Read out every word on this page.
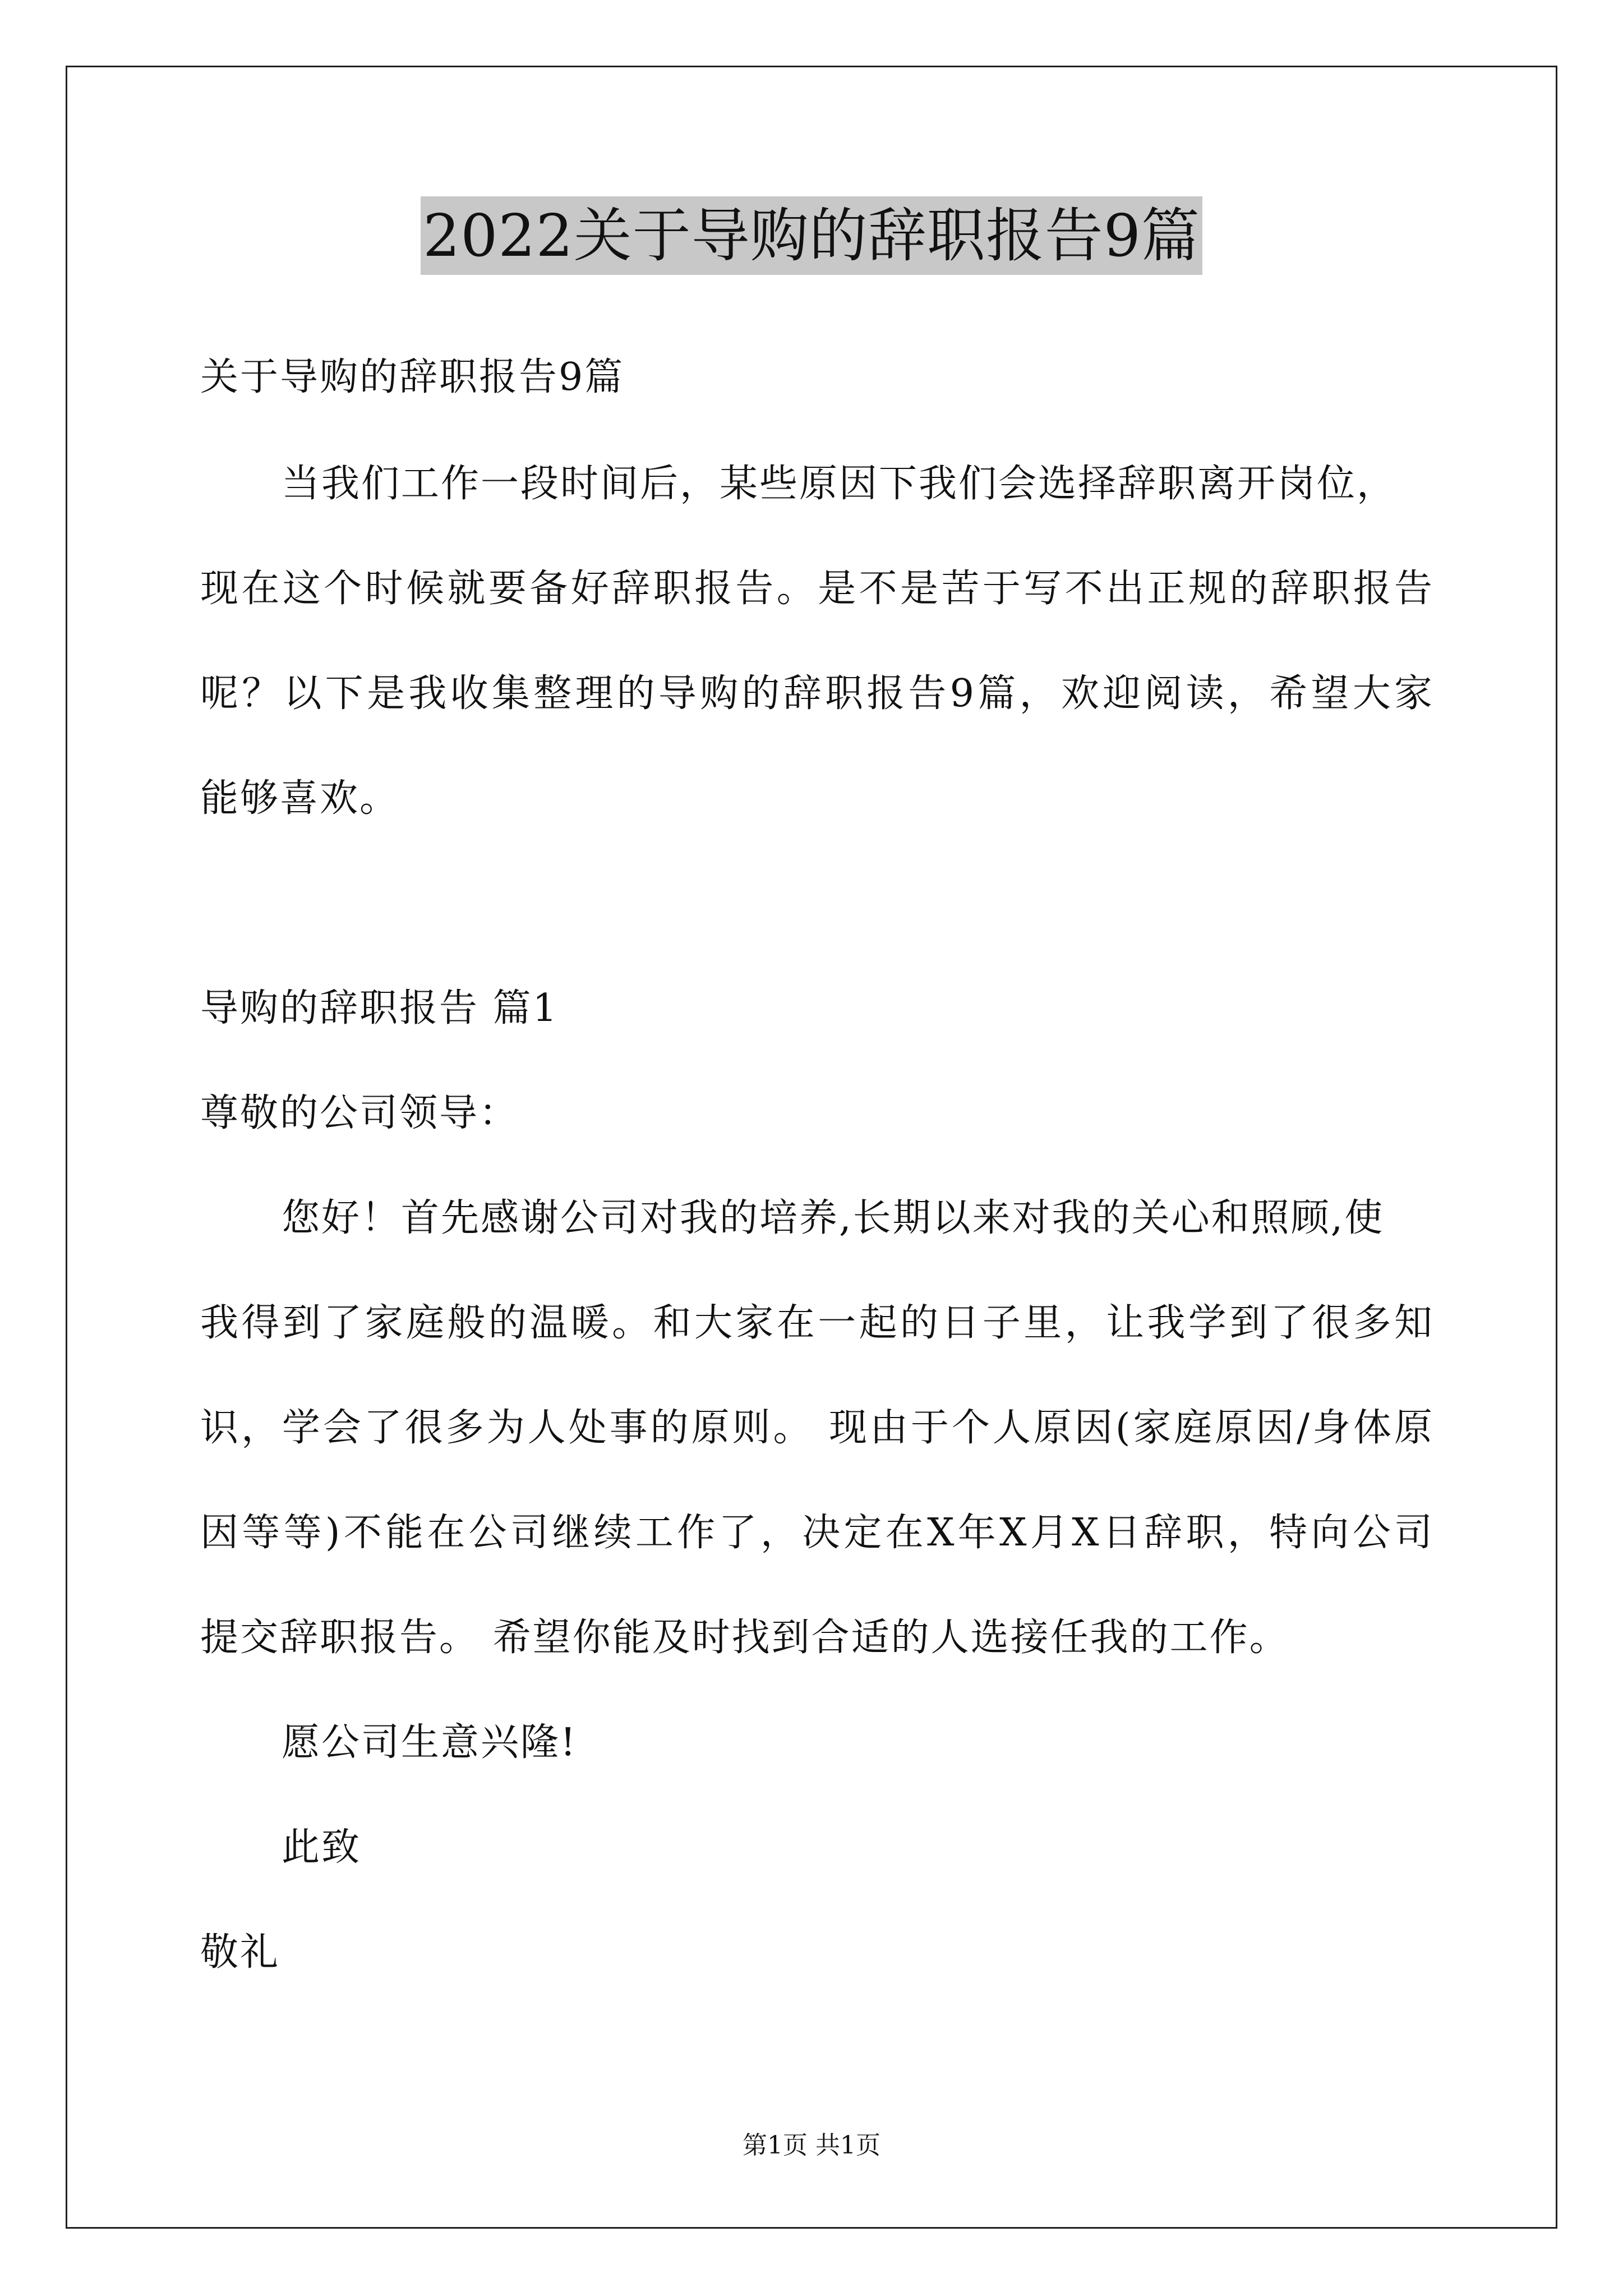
2022关于导购的辞职报告9篇
关于导购的辞职报告9篇
当我们工作一段时间后，某些原因下我们会选择辞职离开岗位，
现在这个时候就要备好辞职报告。是不是苦于写不出正规的辞职报告
呢？以下是我收集整理的导购的辞职报告9篇，欢迎阅读，希望大家
能够喜欢。
导购的辞职报告 篇1
尊敬的公司领导：
您好！首先感谢公司对我的培养,长期以来对我的关心和照顾,使
我得到了家庭般的温暖。和大家在一起的日子里，让我学到了很多知
识，学会了很多为人处事的原则。 现由于个人原因(家庭原因/身体原
因等等)不能在公司继续工作了，决定在X年X月X日辞职，特向公司
提交辞职报告。 希望你能及时找到合适的人选接任我的工作。
愿公司生意兴隆!
此致
敬礼
第1页 共1页
